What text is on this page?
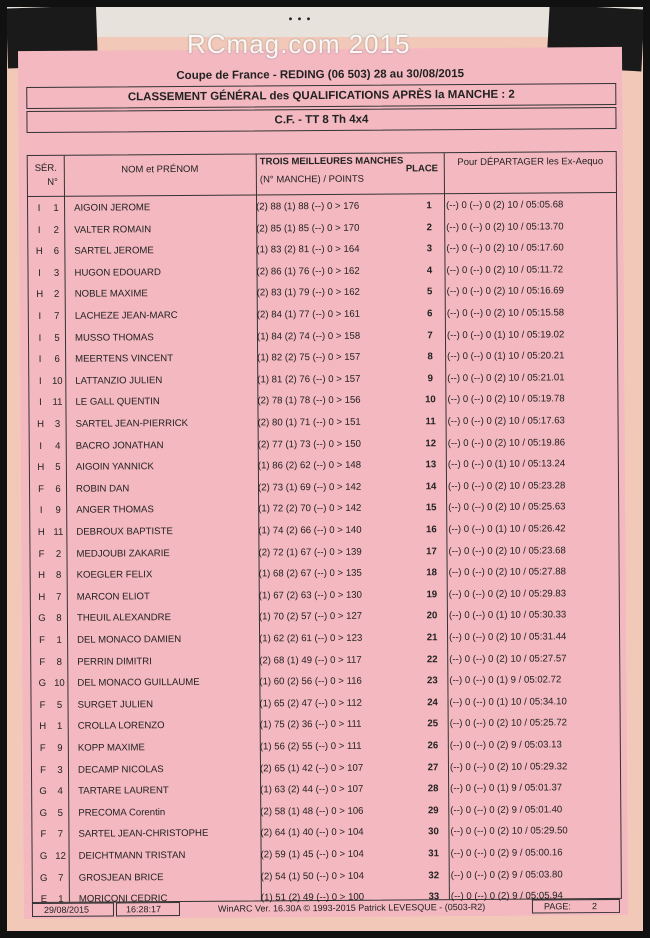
...
Coupe de France - REDING (06 503) 28 au 30/08/2015
CLASSEMENT GÉNÉRAL des QUALIFICATIONS APRÈS la MANCHE : 2
C.F. - TT 8 Th 4x4
SÉR.
N°
NOM et PRÉNOM
TROIS MEILLEURES MANCHES
(N° MANCHE) / POINTS
PLACE
Pour DÉPARTAGER les Ex-Aequo
I	1	AIGOIN JEROME	(2) 88 (1) 88 (--) 0 > 176	1	(--) 0 (--) 0 (2) 10 / 05:05.68
I	2	VALTER ROMAIN	(2) 85 (1) 85 (--) 0 > 170	2	(--) 0 (--) 0 (2) 10 / 05:13.70
H	6	SARTEL JEROME	(1) 83 (2) 81 (--) 0 > 164	3	(--) 0 (--) 0 (2) 10 / 05:17.60
I	3	HUGON EDOUARD	(2) 86 (1) 76 (--) 0 > 162	4	(--) 0 (--) 0 (2) 10 / 05:11.72
H	2	NOBLE MAXIME	(2) 83 (1) 79 (--) 0 > 162	5	(--) 0 (--) 0 (2) 10 / 05:16.69
I	7	LACHEZE JEAN-MARC	(2) 84 (1) 77 (--) 0 > 161	6	(--) 0 (--) 0 (2) 10 / 05:15.58
I	5	MUSSO THOMAS	(1) 84 (2) 74 (--) 0 > 158	7	(--) 0 (--) 0 (1) 10 / 05:19.02
I	6	MEERTENS VINCENT	(1) 82 (2) 75 (--) 0 > 157	8	(--) 0 (--) 0 (1) 10 / 05:20.21
I	10	LATTANZIO JULIEN	(1) 81 (2) 76 (--) 0 > 157	9	(--) 0 (--) 0 (2) 10 / 05:21.01
I	11	LE GALL QUENTIN	(2) 78 (1) 78 (--) 0 > 156	10	(--) 0 (--) 0 (2) 10 / 05:19.78
H	3	SARTEL JEAN-PIERRICK	(2) 80 (1) 71 (--) 0 > 151	11	(--) 0 (--) 0 (2) 10 / 05:17.63
I	4	BACRO JONATHAN	(2) 77 (1) 73 (--) 0 > 150	12	(--) 0 (--) 0 (2) 10 / 05:19.86
H	5	AIGOIN YANNICK	(1) 86 (2) 62 (--) 0 > 148	13	(--) 0 (--) 0 (1) 10 / 05:13.24
F	6	ROBIN DAN	(2) 73 (1) 69 (--) 0 > 142	14	(--) 0 (--) 0 (2) 10 / 05:23.28
I	9	ANGER THOMAS	(1) 72 (2) 70 (--) 0 > 142	15	(--) 0 (--) 0 (2) 10 / 05:25.63
H 11	DEBROUX BAPTISTE	(1) 74 (2) 66 (--) 0 > 140	16	(--) 0 (--) 0 (1) 10 / 05:26.42
F	2	MEDJOUBI ZAKARIE	(2) 72 (1) 67 (--) 0 > 139	17	(--) 0 (--) 0 (2) 10 / 05:23.68
H	8	KOEGLER FELIX	(1) 68 (2) 67 (--) 0 > 135	18	(--) 0 (--) 0 (2) 10 / 05:27.88
H	7	MARCON ELIOT	(1) 67 (2) 63 (--) 0 > 130	19	(--) 0 (--) 0 (2) 10 / 05:29.83
G	8	THEUIL ALEXANDRE	(1) 70 (2) 57 (--) 0 > 127	20	(--) 0 (--) 0 (1) 10 / 05:30.33
F	1	DEL MONACO DAMIEN	(1) 62 (2) 61 (--) 0 > 123	21	(--) 0 (--) 0 (2) 10 / 05:31.44
F	8	PERRIN DIMITRI	(2) 68 (1) 49 (--) 0 > 117	22	(--) 0 (--) 0 (2) 10 / 05:27.57
G 10	DEL MONACO GUILLAUME	(1) 60 (2) 56 (--) 0 > 116	23	(--) 0 (--) 0 (1) 9 / 05:02.72
F	5	SURGET JULIEN	(1) 65 (2) 47 (--) 0 > 112	24	(--) 0 (--) 0 (1) 10 / 05:34.10
H	1	CROLLA LORENZO	(1) 75 (2) 36 (--) 0 > 111	25	(--) 0 (--) 0 (2) 10 / 05:25.72
F	9	KOPP MAXIME	(1) 56 (2) 55 (--) 0 > 111	26	(--) 0 (--) 0 (2) 9 / 05:03.13
F	3	DECAMP NICOLAS	(2) 65 (1) 42 (--) 0 > 107	27	(--) 0 (--) 0 (2) 10 / 05:29.32
G	4	TARTARE LAURENT	(1) 63 (2) 44 (--) 0 > 107	28	(--) 0 (--) 0 (1) 9 / 05:01.37
G	5	PRECOMA Corentin	(2) 58 (1) 48 (--) 0 > 106	29	(--) 0 (--) 0 (2) 9 / 05:01.40
F	7	SARTEL JEAN-CHRISTOPHE	(2) 64 (1) 40 (--) 0 > 104	30	(--) 0 (--) 0 (2) 10 / 05:29.50
G 12	DEICHTMANN TRISTAN	(2) 59 (1) 45 (--) 0 > 104	31	(--) 0 (--) 0 (2) 9 / 05:00.16
G	7	GROSJEAN BRICE	(2) 54 (1) 50 (--) 0 > 104	32	(--) 0 (--) 0 (2) 9 / 05:03.80
E	1	MORICONI CEDRIC	(1) 51 (2) 49 (--) 0 > 100	33	(--) 0 (--) 0 (2) 9 / 05:05.94
29/08/2015	16:28:17	WinARC Ver. 16.30A © 1993-2015 Patrick LEVESQUE - (0503-R2)	PAGE: 2
RCmag.com 2015
